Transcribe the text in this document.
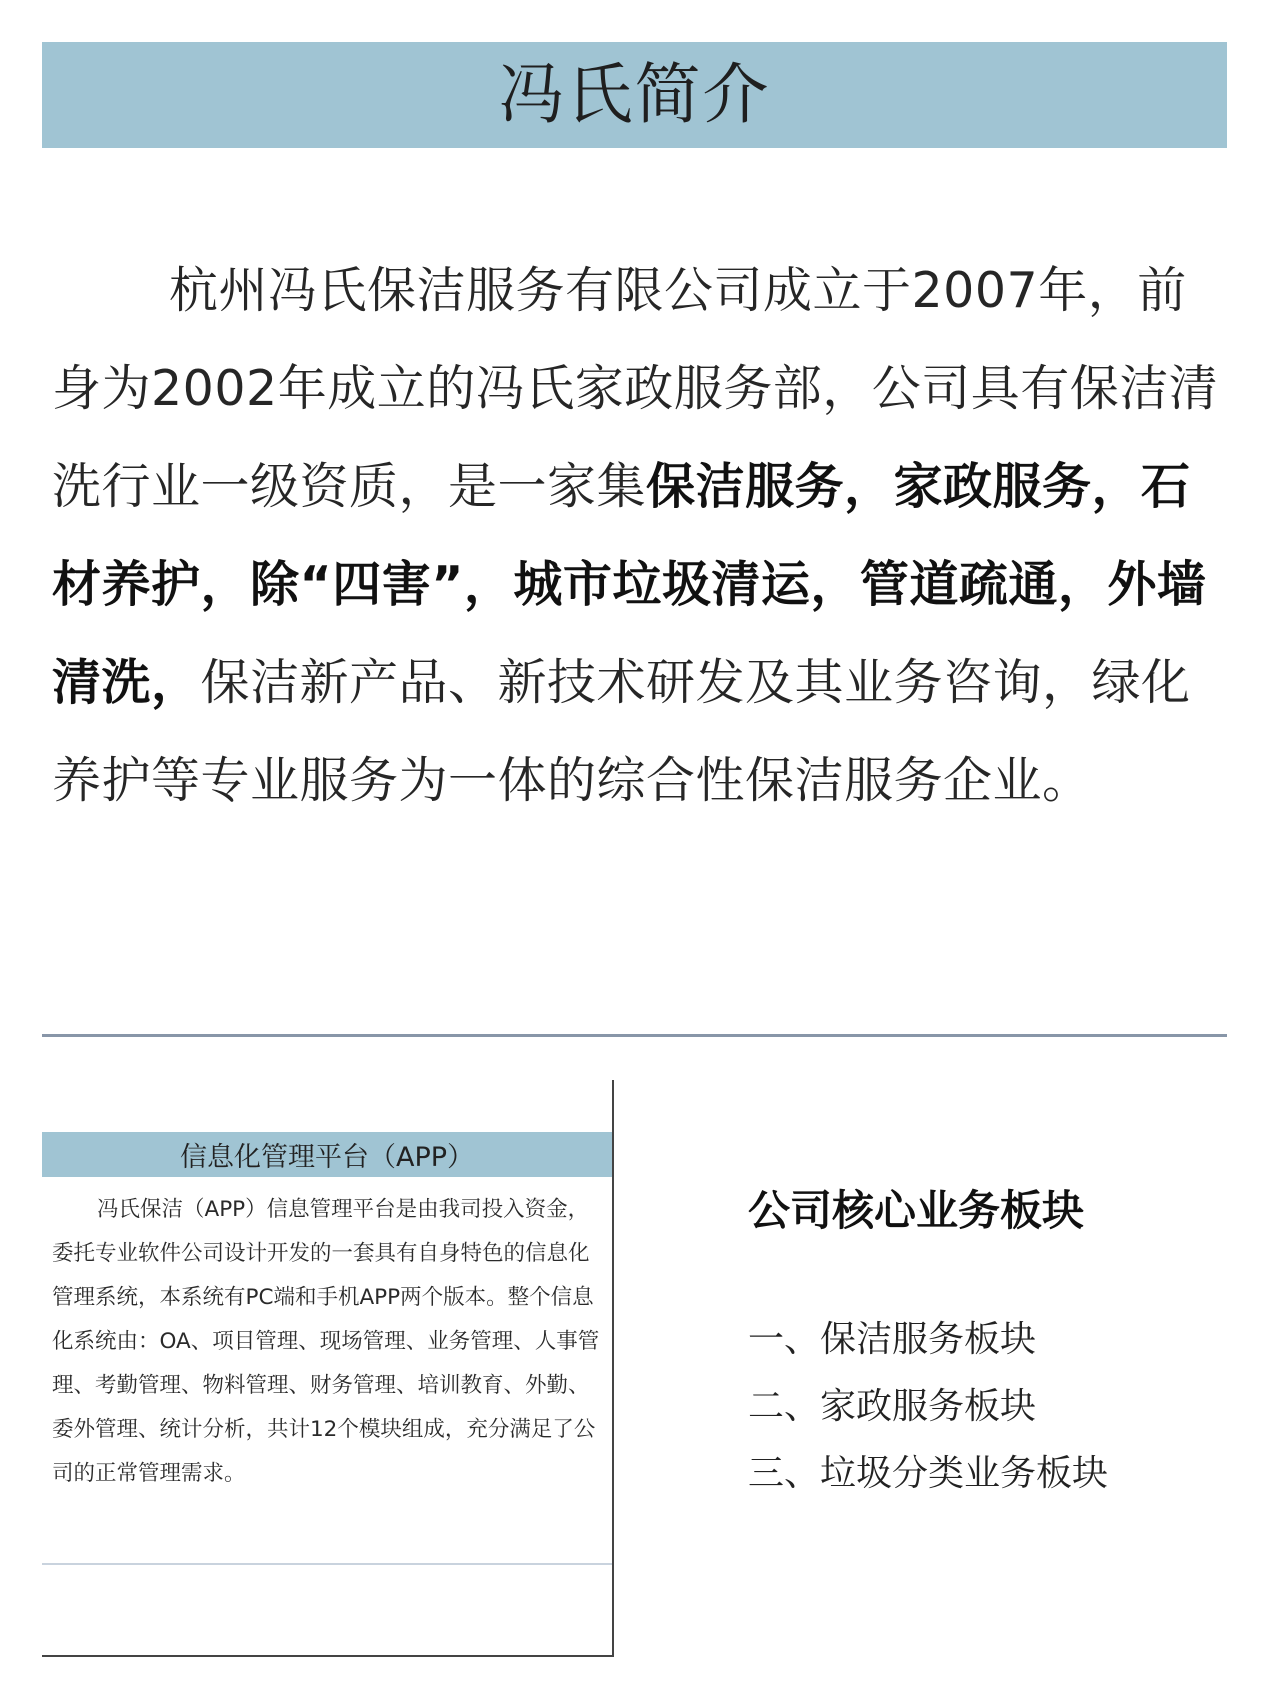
冯氏简介

杭州冯氏保洁服务有限公司成立于2007年，前身为2002年成立的冯氏家政服务部，公司具有保洁清洗行业一级资质，是一家集保洁服务，家政服务，石材养护，除“四害”，城市垃圾清运，管道疏通，外墙清洗，保洁新产品、新技术研发及其业务咨询，绿化养护等专业服务为一体的综合性保洁服务企业。

信息化管理平台（APP）

冯氏保洁（APP）信息管理平台是由我司投入资金，委托专业软件公司设计开发的一套具有自身特色的信息化管理系统，本系统有PC端和手机APP两个版本。整个信息化系统由：OA、项目管理、现场管理、业务管理、人事管理、考勤管理、物料管理、财务管理、培训教育、外勤、委外管理、统计分析，共计12个模块组成，充分满足了公司的正常管理需求。

公司核心业务板块
一、保洁服务板块
二、家政服务板块
三、垃圾分类业务板块
